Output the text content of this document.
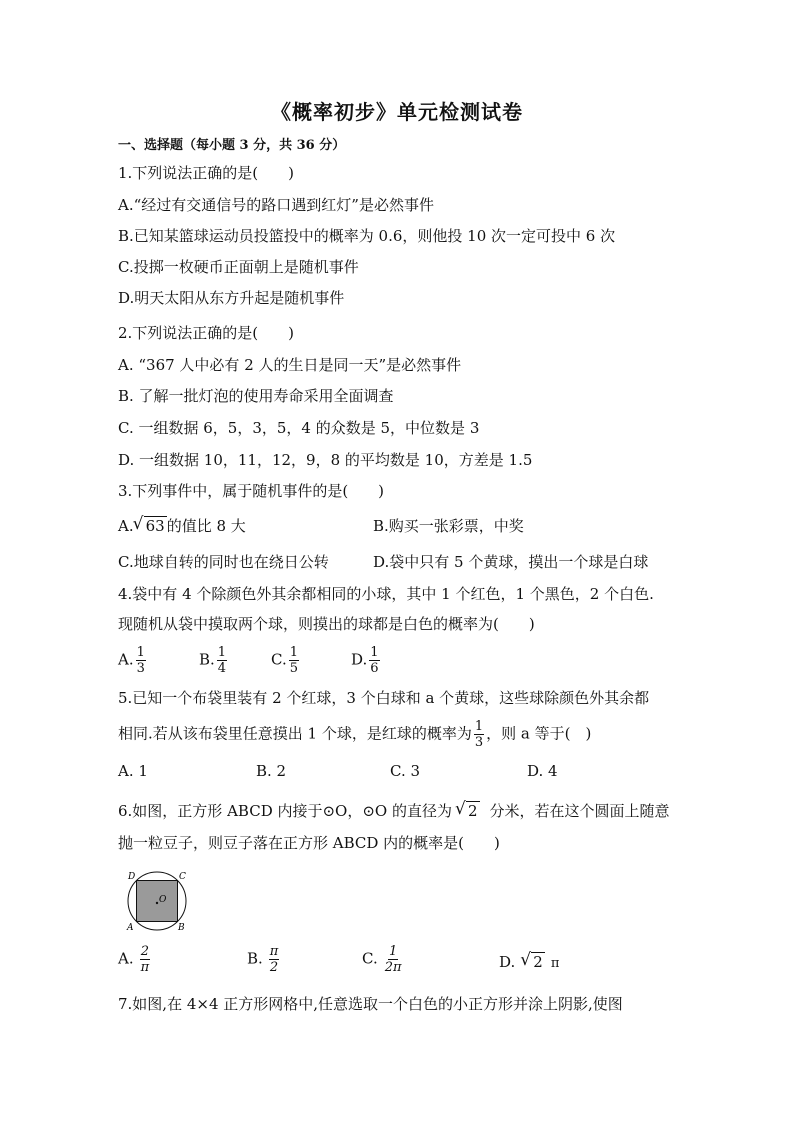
《概率初步》单元检测试卷
一、选择题（每小题 3 分，共 36 分）
1.下列说法正确的是(　　)
A.“经过有交通信号的路口遇到红灯”是必然事件
B.已知某篮球运动员投篮投中的概率为 0.6，则他投 10 次一定可投中 6 次
C.投掷一枚硬币正面朝上是随机事件
D.明天太阳从东方升起是随机事件
2.下列说法正确的是(　　)
A. “367 人中必有 2 人的生日是同一天”是必然事件
B. 了解一批灯泡的使用寿命采用全面调查
C. 一组数据 6，5，3，5，4 的众数是 5，中位数是 3
D. 一组数据 10，11，12，9，8 的平均数是 10，方差是 1.5
3.下列事件中，属于随机事件的是(　　)
A. √ 63 的值比 8 大	B.购买一张彩票，中奖
C.地球自转的同时也在绕日公转	D.袋中只有 5 个黄球，摸出一个球是白球
4.袋中有 4 个除颜色外其余都相同的小球，其中 1 个红色，1 个黑色，2 个白色.
现随机从袋中摸取两个球，则摸出的球都是白色的概率为(　　)
A. $\frac{1}{3}$	B. $\frac{1}{4}$	C. $\frac{1}{5}$	D. $\frac{1}{6}$
5.已知一个布袋里装有 2 个红球，3 个白球和 a 个黄球，这些球除颜色外其余都
相同.若从该布袋里任意摸出 1 个球，是红球的概率为 $\frac{1}{3}$ ，则 a 等于(　)
A. 1	B. 2	C. 3	D. 4
6.如图，正方形 ABCD 内接于⊙O，⊙O 的直径为 √ 2 分米，若在这个圆面上随意
抛一粒豆子，则豆子落在正方形 ABCD 内的概率是(　　)
D	C
A	B
O
A. $\frac{2}{\pi}$	B. $\frac{\pi}{2}$	C. $\frac{1}{2\pi}$	D. √ 2 π
7.如图,在 4×4 正方形网格中,任意选取一个白色的小正方形并涂上阴影,使图
